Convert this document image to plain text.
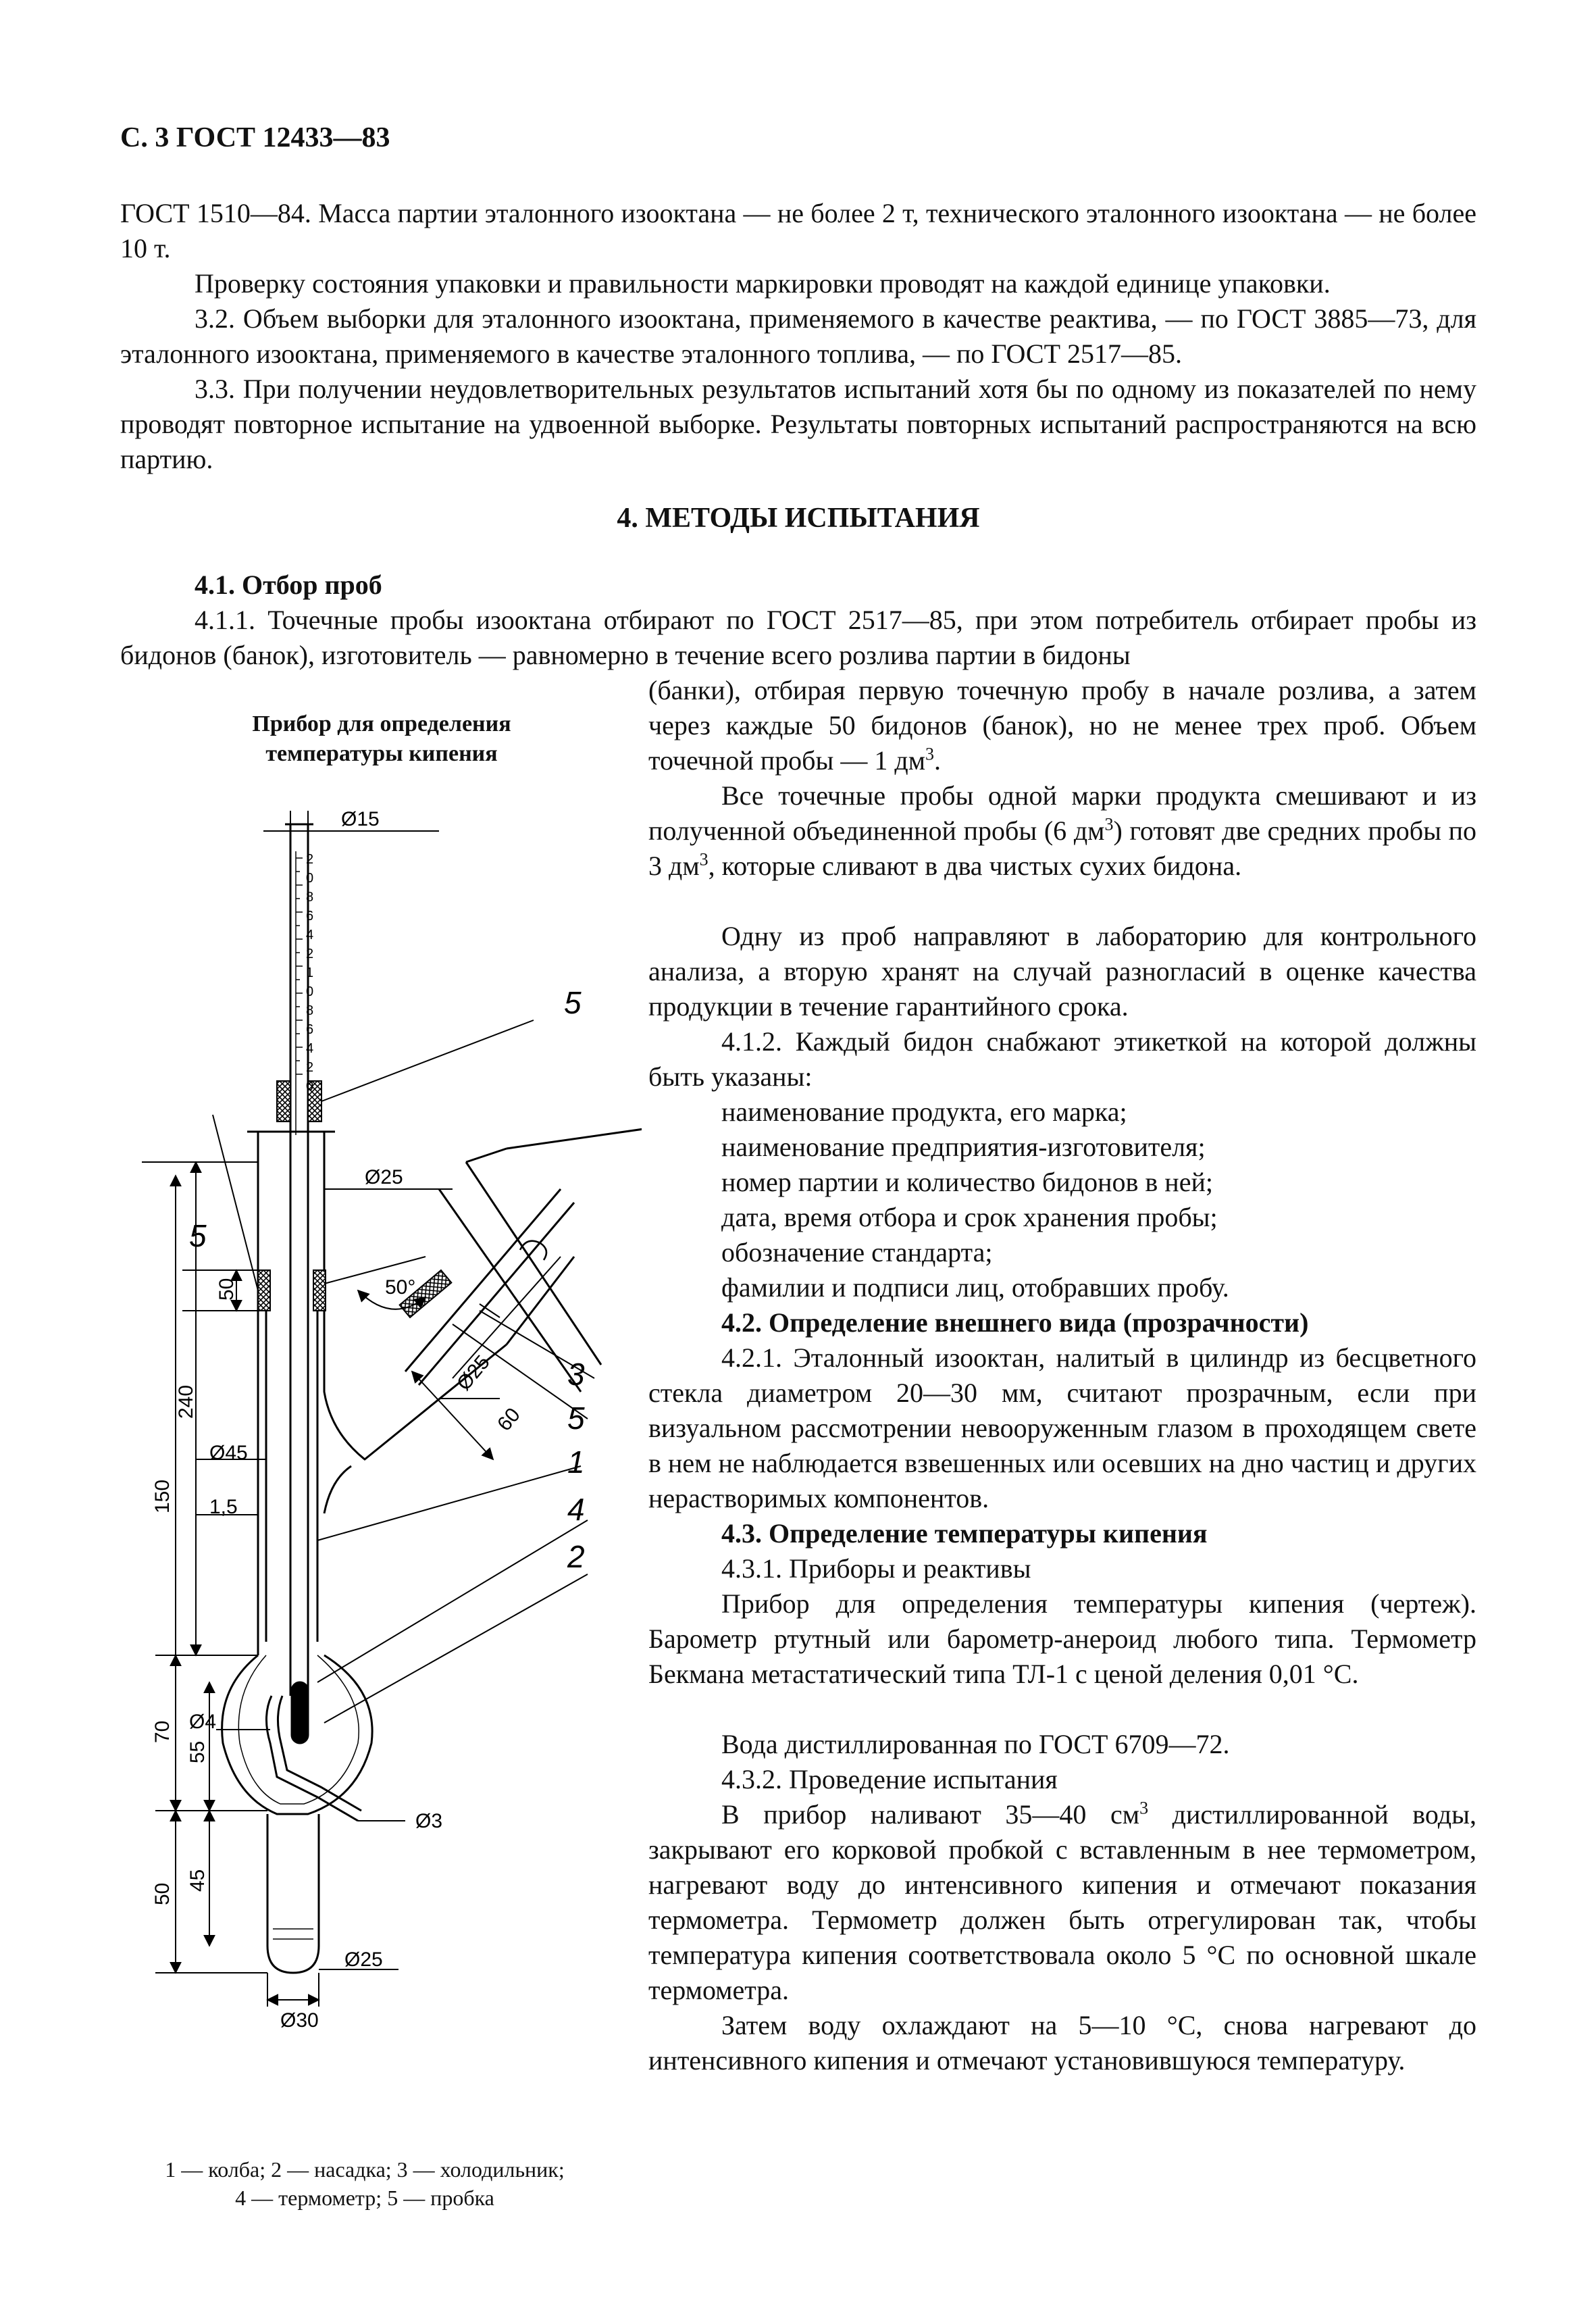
С. 3 ГОСТ 12433—83

ГОСТ 1510—84. Масса партии эталонного изооктана — не более 2 т, технического эталонного изооктана — не более 10 т.

Проверку состояния упаковки и правильности маркировки проводят на каждой единице упаковки.

3.2. Объем выборки для эталонного изооктана, применяемого в качестве реактива, — по ГОСТ 3885—73, для эталонного изооктана, применяемого в качестве эталонного топлива, — по ГОСТ 2517—85.

3.3. При получении неудовлетворительных результатов испытаний хотя бы по одному из показателей по нему проводят повторное испытание на удвоенной выборке. Результаты повторных испытаний распространяются на всю партию.

4. МЕТОДЫ ИСПЫТАНИЯ

4.1. Отбор проб

4.1.1. Точечные пробы изооктана отбирают по ГОСТ 2517—85, при этом потребитель отбирает пробы из бидонов (банок), изготовитель — равномерно в течение всего розлива партии в бидоны

(банки), отбирая первую точечную пробу в начале розлива, а затем через каждые 50 бидонов (банок), но не менее трех проб. Объем точечной пробы — 1 $дм^3$.

Все точечные пробы одной марки продукта смешивают и из полученной объединенной пробы (6 $дм^3$) готовят две средних пробы по 3 $дм^3$, которые сливают в два чистых сухих бидона.

Одну из проб направляют в лабораторию для контрольного анализа, а вторую хранят на случай разногласий в оценке качества продукции в течение гарантийного срока.

4.1.2. Каждый бидон снабжают этикеткой на которой должны быть указаны:

наименование продукта, его марка;
наименование предприятия-изготовителя;
номер партии и количество бидонов в ней;
дата, время отбора и срок хранения пробы;
обозначение стандарта;
фамилии и подписи лиц, отобравших пробу.

4.2. Определение внешнего вида (прозрачности)

4.2.1. Эталонный изооктан, налитый в цилиндр из бесцветного стекла диаметром 20—30 мм, считают прозрачным, если при визуальном рассмотрении невооруженным глазом в проходящем свете в нем не наблюдается взвешенных или осевших на дно частиц и других нерастворимых компонентов.

4.3. Определение температуры кипения

4.3.1. Приборы и реактивы

Прибор для определения температуры кипения (чертеж). Барометр ртутный или барометр-анероид любого типа. Термометр Бекмана метастатический типа ТЛ-1 с ценой деления 0,01 °С.

Вода дистиллированная по ГОСТ 6709—72.

4.3.2. Проведение испытания

В прибор наливают 35—40 $см^3$ дистиллированной воды, закрывают его корковой пробкой с вставленным в нее термометром, нагревают воду до интенсивного кипения и отмечают показания термометра. Термометр должен быть отрегулирован так, чтобы температура кипения соответствовала около 5 °С по основной шкале термометра.

Затем воду охлаждают на 5—10 °С, снова нагревают до интенсивного кипения и отмечают установившуюся температуру.

Прибор для определения
температуры кипения
2
0
8
6
4
2
1
0
8
6
4
2
0
Ø15
Ø25
50°
Ø45
1,5
Ø4
Ø3
Ø25
Ø30
Ø25
60
50
240
150
70
55
50
45
5
5
3
5
1
4
2
1 — колба; 2 — насадка; 3 — холодильник;
4 — термометр; 5 — пробка
